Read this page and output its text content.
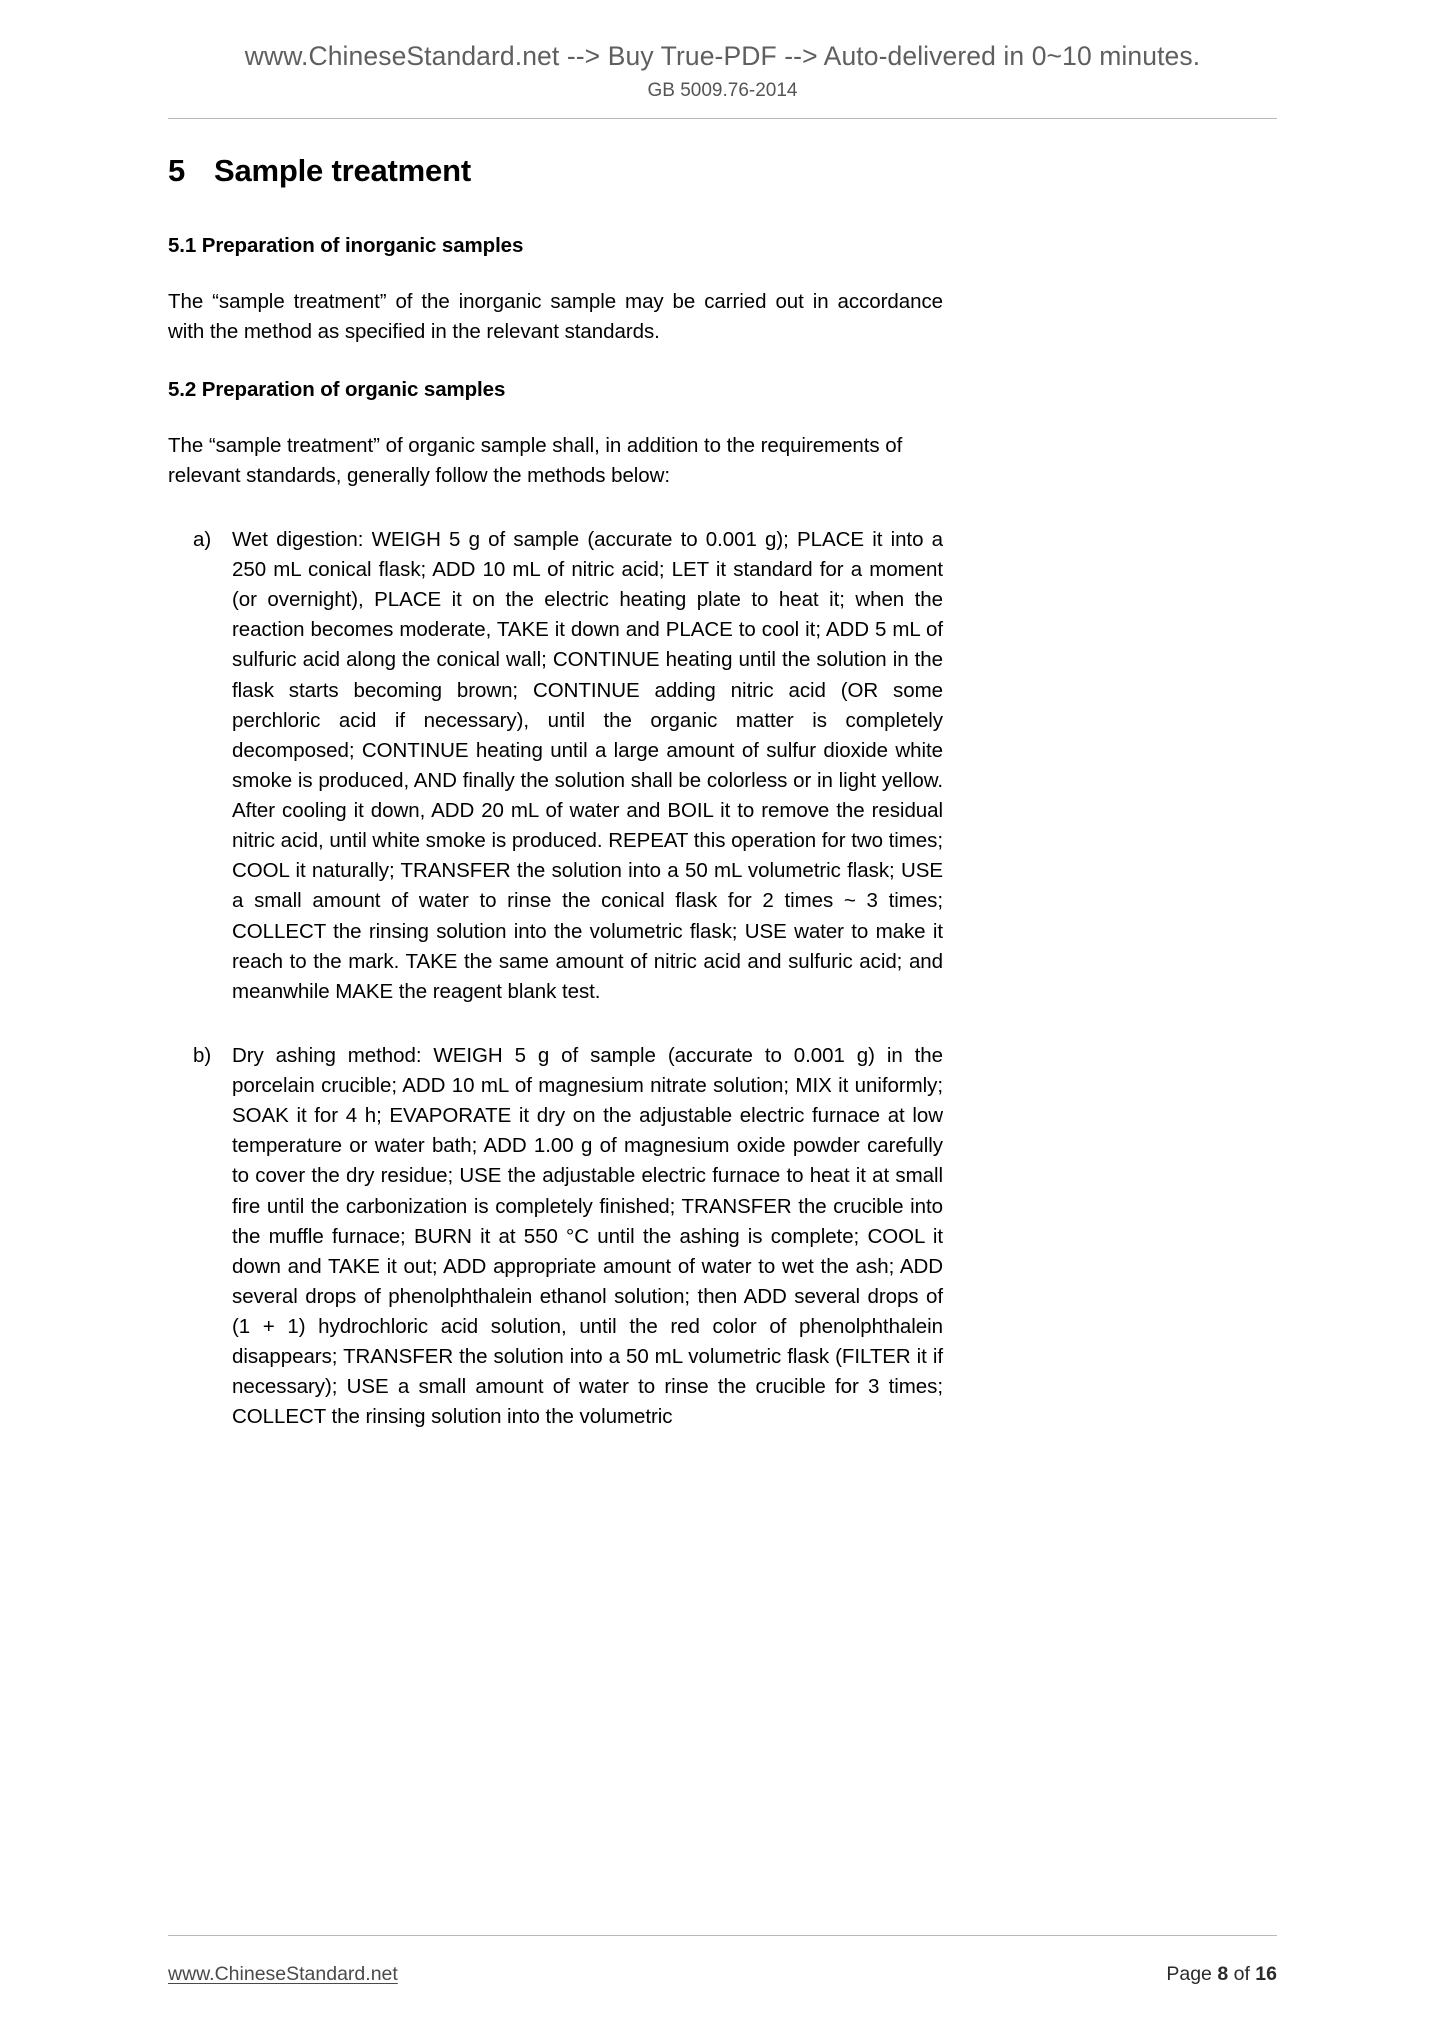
www.ChineseStandard.net --> Buy True-PDF --> Auto-delivered in 0~10 minutes.
GB 5009.76-2014
5 Sample treatment
5.1 Preparation of inorganic samples

The “sample treatment” of the inorganic sample may be carried out in accordance with the method as specified in the relevant standards.

5.2 Preparation of organic samples

The “sample treatment” of organic sample shall, in addition to the requirements of relevant standards, generally follow the methods below:

a)	Wet digestion: WEIGH 5 g of sample (accurate to 0.001 g); PLACE it into a 250 mL conical flask; ADD 10 mL of nitric acid; LET it standard for a moment (or overnight), PLACE it on the electric heating plate to heat it; when the reaction becomes moderate, TAKE it down and PLACE to cool it; ADD 5 mL of sulfuric acid along the conical wall; CONTINUE heating until the solution in the flask starts becoming brown; CONTINUE adding nitric acid (OR some perchloric acid if necessary), until the organic matter is completely decomposed; CONTINUE heating until a large amount of sulfur dioxide white smoke is produced, AND finally the solution shall be colorless or in light yellow. After cooling it down, ADD 20 mL of water and BOIL it to remove the residual nitric acid, until white smoke is produced. REPEAT this operation for two times; COOL it naturally; TRANSFER the solution into a 50 mL volumetric flask; USE a small amount of water to rinse the conical flask for 2 times ~ 3 times; COLLECT the rinsing solution into the volumetric flask; USE water to make it reach to the mark. TAKE the same amount of nitric acid and sulfuric acid; and meanwhile MAKE the reagent blank test.
b)	Dry ashing method: WEIGH 5 g of sample (accurate to 0.001 g) in the porcelain crucible; ADD 10 mL of magnesium nitrate solution; MIX it uniformly; SOAK it for 4 h; EVAPORATE it dry on the adjustable electric furnace at low temperature or water bath; ADD 1.00 g of magnesium oxide powder carefully to cover the dry residue; USE the adjustable electric furnace to heat it at small fire until the carbonization is completely finished; TRANSFER the crucible into the muffle furnace; BURN it at 550 °C until the ashing is complete; COOL it down and TAKE it out; ADD appropriate amount of water to wet the ash; ADD several drops of phenolphthalein ethanol solution; then ADD several drops of (1 + 1) hydrochloric acid solution, until the red color of phenolphthalein disappears; TRANSFER the solution into a 50 mL volumetric flask (FILTER it if necessary); USE a small amount of water to rinse the crucible for 3 times; COLLECT the rinsing solution into the volumetric
www.ChineseStandard.net	Page 8 of 16
